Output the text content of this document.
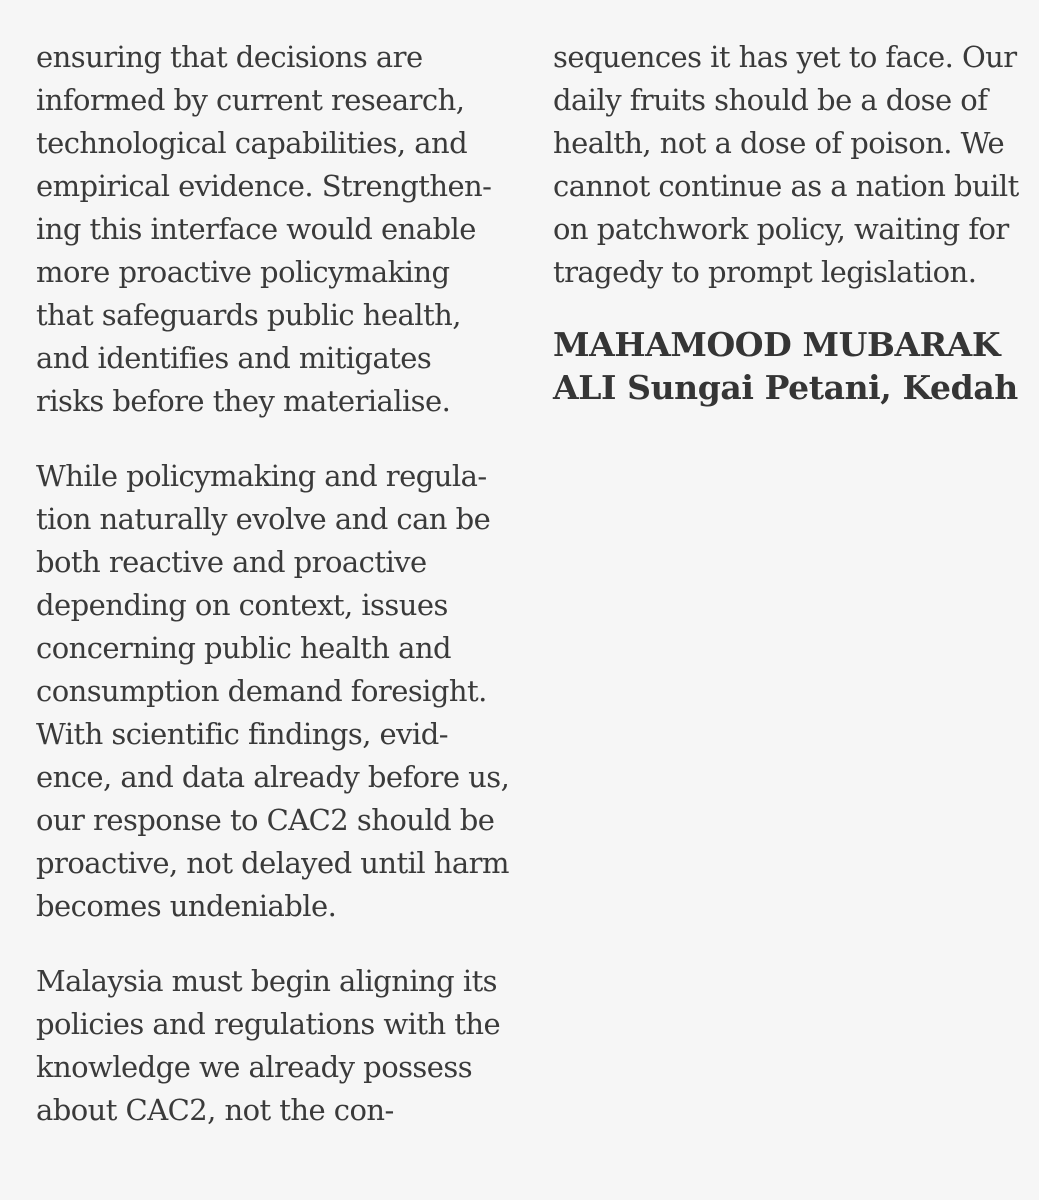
ensuring that decisions are
informed by current research,
technological capabilities, and
empirical evidence. Strengthen-
ing this interface would enable
more proactive policymaking
that safeguards public health,
and identifies and mitigates
risks before they materialise.
While policymaking and regula-
tion naturally evolve and can be
both reactive and proactive
depending on context, issues
concerning public health and
consumption demand foresight.
With scientific findings, evid-
ence, and data already before us,
our response to CAC2 should be
proactive, not delayed until harm
becomes undeniable.
Malaysia must begin aligning its
policies and regulations with the
knowledge we already possess
about CAC2, not the con-
sequences it has yet to face. Our
daily fruits should be a dose of
health, not a dose of poison. We
cannot continue as a nation built
on patchwork policy, waiting for
tragedy to prompt legislation.
MAHAMOOD MUBARAK
ALI Sungai Petani, Kedah
